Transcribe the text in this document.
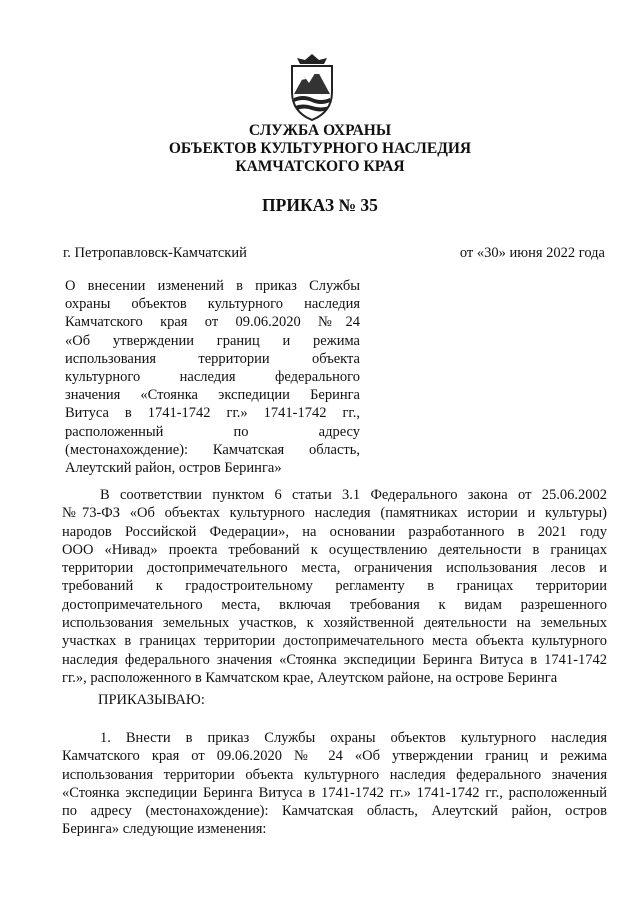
СЛУЖБА ОХРАНЫ
ОБЪЕКТОВ КУЛЬТУРНОГО НАСЛЕДИЯ
КАМЧАТСКОГО КРАЯ
ПРИКАЗ № 35
г. Петропавловск-Камчатский	от «30» июня 2022 года
О внесении изменений в приказ Службы
охраны объектов культурного наследия
Камчатского края от 09.06.2020 №24
«Об утверждении границ и режима
использования территории объекта
культурного наследия федерального
значения «Стоянка экспедиции Беринга
Витуса в 1741-1742 гг.» 1741-1742 гг.,
расположенный по адресу
(местонахождение): Камчатская область,
Алеутский район, остров Беринга»
В соответствии пунктом 6 статьи 3.1 Федерального закона от 25.06.2002
№73-ФЗ «Об объектах культурного наследия (памятниках истории и культуры)
народов Российской Федерации», на основании разработанного в 2021 году
ООО «Нивад» проекта требований к осуществлению деятельности в границах
территории достопримечательного места, ограничения использования лесов и
требований к градостроительному регламенту в границах территории
достопримечательного места, включая требования к видам разрешенного
использования земельных участков, к хозяйственной деятельности на земельных
участках в границах территории достопримечательного места объекта культурного
наследия федерального значения «Стоянка экспедиции Беринга Витуса в 1741-1742
гг.», расположенного в Камчатском крае, Алеутском районе, на острове Беринга
ПРИКАЗЫВАЮ:
1. Внести в приказ Службы охраны объектов культурного наследия
Камчатского края от 09.06.2020 № 24 «Об утверждении границ и режима
использования территории объекта культурного наследия федерального значения
«Стоянка экспедиции Беринга Витуса в 1741-1742 гг.» 1741-1742 гг., расположенный
по адресу (местонахождение): Камчатская область, Алеутский район, остров
Беринга» следующие изменения:
